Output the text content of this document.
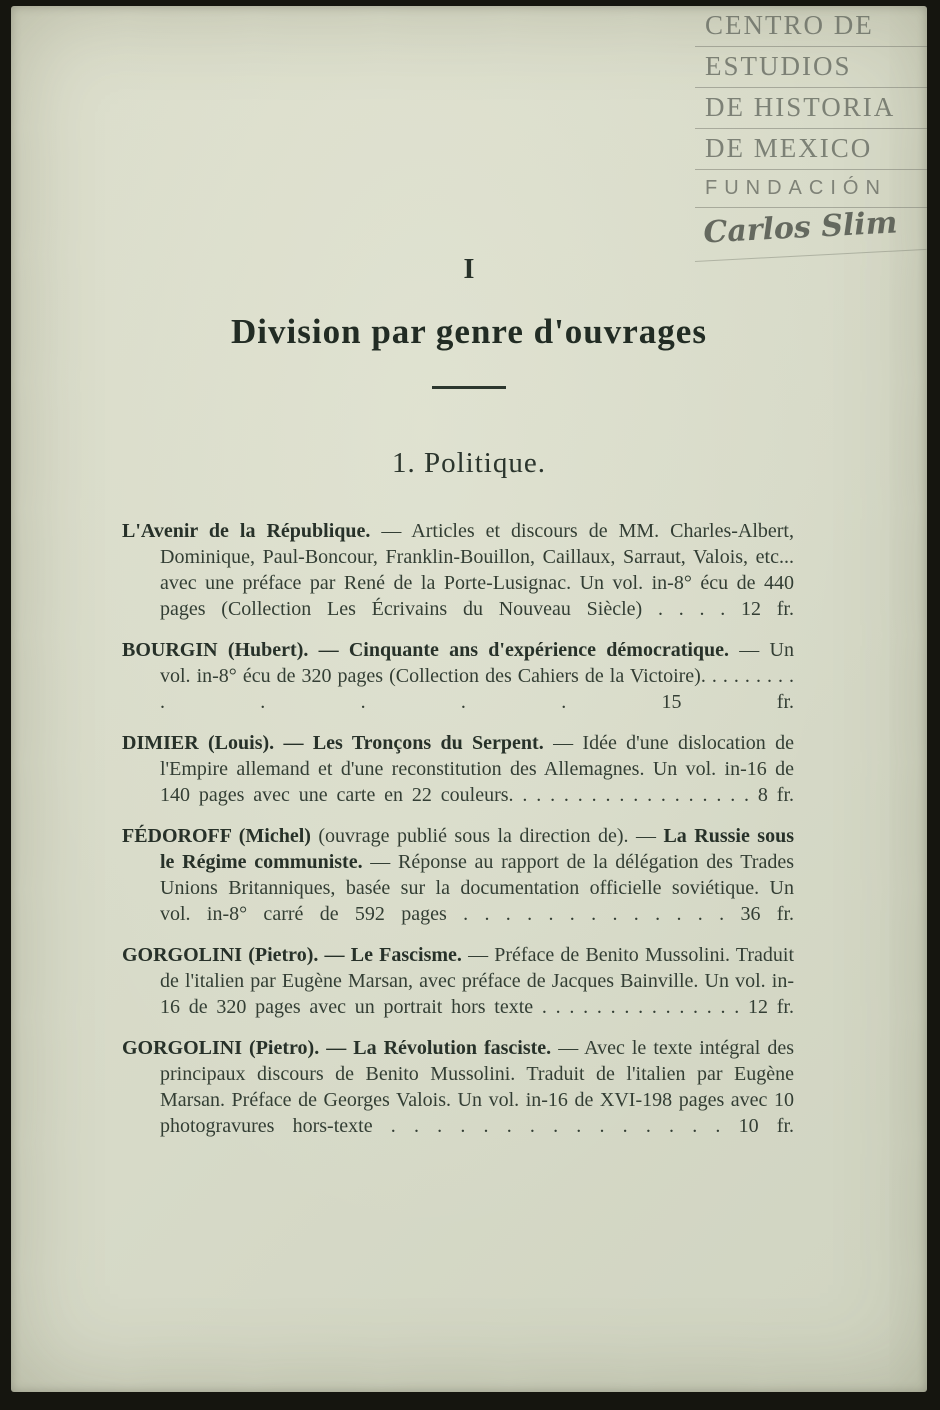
CENTRO DE
ESTUDIOS
DE HISTORIA
DE MEXICO
FUNDACIÓN
Carlos Slim
I
Division par genre d'ouvrages
1. Politique.

L'Avenir de la République. — Articles et discours de MM. Charles-Albert, Dominique, Paul-Boncour, Franklin-Bouillon, Caillaux, Sarraut, Valois, etc... avec une préface par René de la Porte-Lusignac. Un vol. in-8° écu de 440 pages (Collection Les Écrivains du Nouveau Siècle) . . . . 12 fr.

BOURGIN (Hubert). — Cinquante ans d'expérience démocratique. — Un vol. in-8° écu de 320 pages (Collection des Cahiers de la Victoire). . . . . . . . . . . . . . 15 fr.

DIMIER (Louis). — Les Tronçons du Serpent. — Idée d'une dislocation de l'Empire allemand et d'une reconstitution des Allemagnes. Un vol. in-16 de 140 pages avec une carte en 22 couleurs. . . . . . . . . . . . . . . . . . 8 fr.

FÉDOROFF (Michel) (ouvrage publié sous la direction de). — La Russie sous le Régime communiste. — Réponse au rapport de la délégation des Trades Unions Britanniques, basée sur la documentation officielle soviétique. Un vol. in-8° carré de 592 pages . . . . . . . . . . . . . 36 fr.

GORGOLINI (Pietro). — Le Fascisme. — Préface de Benito Mussolini. Traduit de l'italien par Eugène Marsan, avec préface de Jacques Bainville. Un vol. in-16 de 320 pages avec un portrait hors texte . . . . . . . . . . . . . . . 12 fr.

GORGOLINI (Pietro). — La Révolution fasciste. — Avec le texte intégral des principaux discours de Benito Mussolini. Traduit de l'italien par Eugène Marsan. Préface de Georges Valois. Un vol. in-16 de XVI-198 pages avec 10 photogravures hors-texte . . . . . . . . . . . . . . . 10 fr.
